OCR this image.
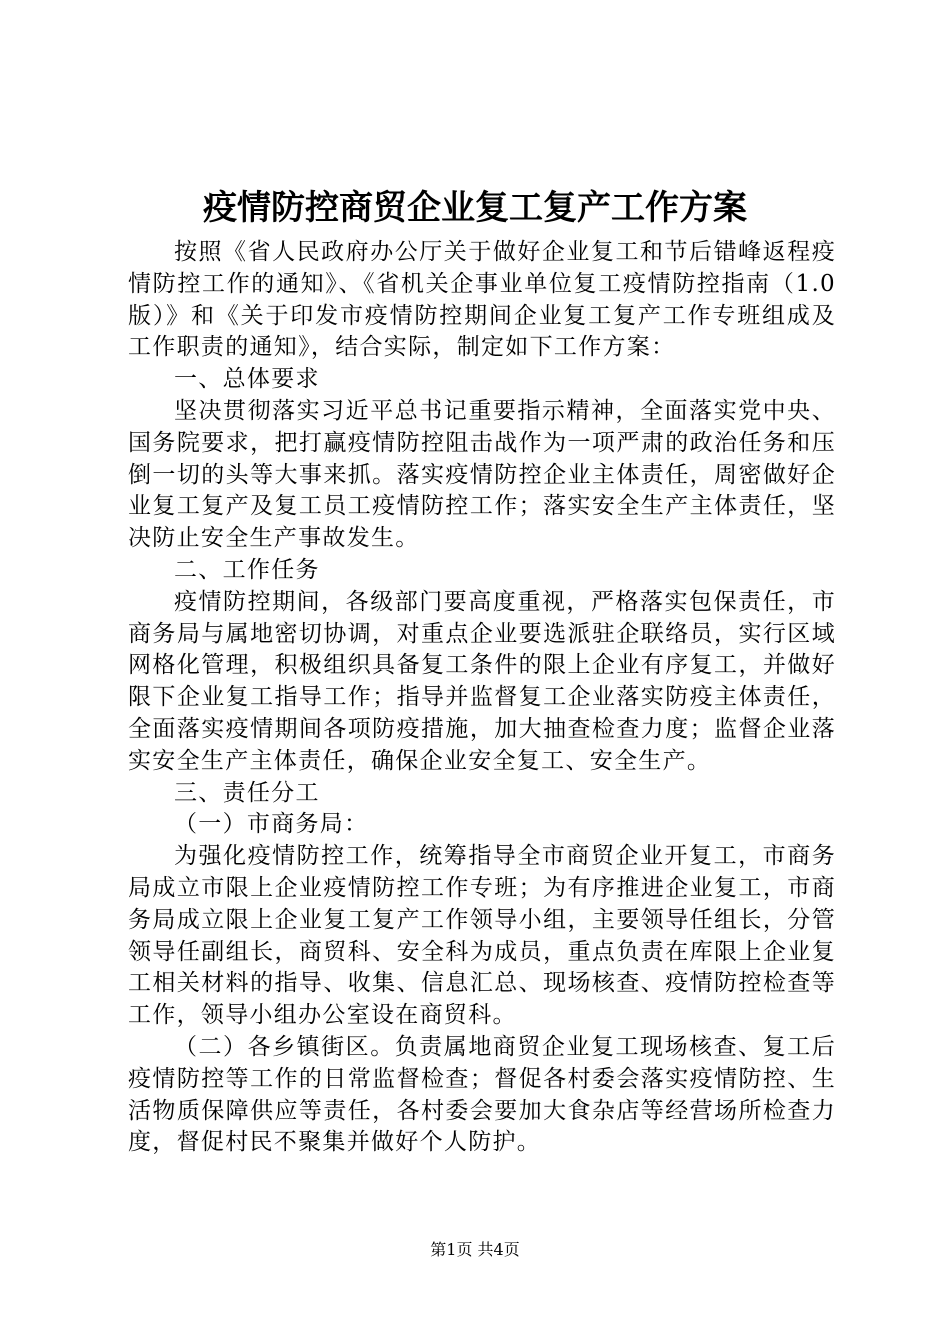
疫情防控商贸企业复工复产工作方案

按照《省人民政府办公厅关于做好企业复工和节后错峰返程疫情防控工作的通知》、《省机关企事业单位复工疫情防控指南（1.0版）》和《关于印发市疫情防控期间企业复工复产工作专班组成及工作职责的通知》，结合实际，制定如下工作方案：

一、总体要求

坚决贯彻落实习近平总书记重要指示精神，全面落实党中央、国务院要求，把打赢疫情防控阻击战作为一项严肃的政治任务和压倒一切的头等大事来抓。落实疫情防控企业主体责任，周密做好企业复工复产及复工员工疫情防控工作；落实安全生产主体责任，坚决防止安全生产事故发生。

二、工作任务

疫情防控期间，各级部门要高度重视，严格落实包保责任，市商务局与属地密切协调，对重点企业要选派驻企联络员，实行区域网格化管理，积极组织具备复工条件的限上企业有序复工，并做好限下企业复工指导工作；指导并监督复工企业落实防疫主体责任，全面落实疫情期间各项防疫措施，加大抽查检查力度；监督企业落实安全生产主体责任，确保企业安全复工、安全生产。

三、责任分工

（一）市商务局：

为强化疫情防控工作，统筹指导全市商贸企业开复工，市商务局成立市限上企业疫情防控工作专班；为有序推进企业复工，市商务局成立限上企业复工复产工作领导小组，主要领导任组长，分管领导任副组长，商贸科、安全科为成员，重点负责在库限上企业复工相关材料的指导、收集、信息汇总、现场核查、疫情防控检查等工作，领导小组办公室设在商贸科。

（二）各乡镇街区。负责属地商贸企业复工现场核查、复工后疫情防控等工作的日常监督检查；督促各村委会落实疫情防控、生活物质保障供应等责任，各村委会要加大食杂店等经营场所检查力度，督促村民不聚集并做好个人防护。

第1页 共4页
